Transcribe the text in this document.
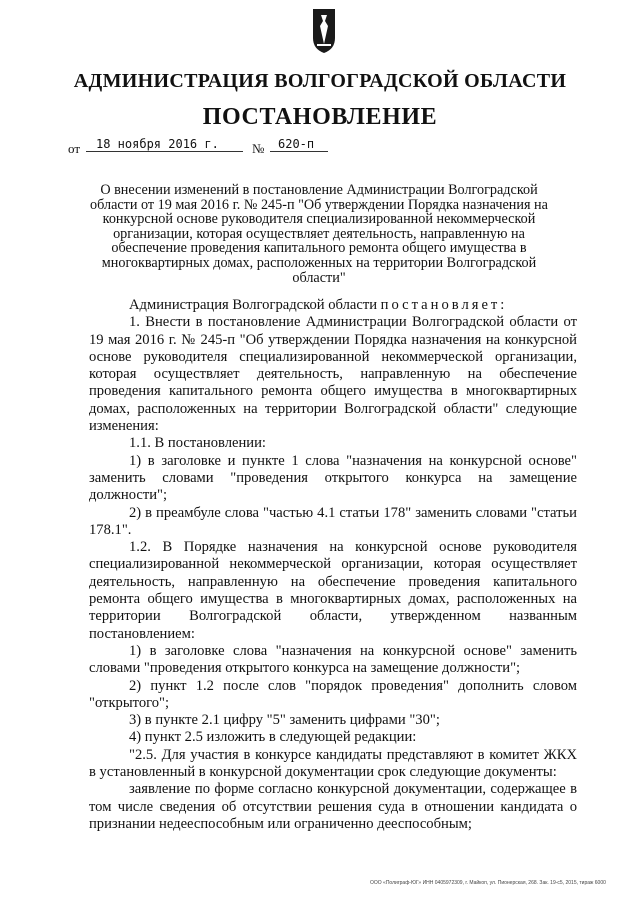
АДМИНИСТРАЦИЯ ВОЛГОГРАДСКОЙ ОБЛАСТИ
ПОСТАНОВЛЕНИЕ
от 18 ноября 2016 г.	№ 620-п
О внесении изменений в постановление Администрации Волгоградской области от 19 мая 2016 г. № 245-п "Об утверждении Порядка назначения на конкурсной основе руководителя специализированной некоммерческой организации, которая осуществляет деятельность, направленную на обеспечение проведения капитального ремонта общего имущества в многоквартирных домах, расположенных на территории Волгоградской области"

Администрация Волгоградской области постановляет:

1. Внести в постановление Администрации Волгоградской области от 19 мая 2016 г. № 245-п "Об утверждении Порядка назначения на конкурсной основе руководителя специализированной некоммерческой организации, которая осуществляет деятельность, направленную на обеспечение проведения капитального ремонта общего имущества в многоквартирных домах, расположенных на территории Волгоградской области" следующие изменения:

1.1. В постановлении:

1) в заголовке и пункте 1 слова "назначения на конкурсной основе" заменить словами "проведения открытого конкурса на замещение должности";

2) в преамбуле слова "частью 4.1 статьи 178" заменить словами "статьи 178.1".

1.2. В Порядке назначения на конкурсной основе руководителя специализированной некоммерческой организации, которая осуществляет деятельность, направленную на обеспечение проведения капитального ремонта общего имущества в многоквартирных домах, расположенных на территории Волгоградской области, утвержденном названным постановлением:

1) в заголовке слова "назначения на конкурсной основе" заменить словами "проведения открытого конкурса на замещение должности";

2) пункт 1.2 после слов "порядок проведения" дополнить словом "открытого";

3) в пункте 2.1 цифру "5" заменить цифрами "30";

4) пункт 2.5 изложить в следующей редакции:

"2.5. Для участия в конкурсе кандидаты представляют в комитет ЖКХ в установленный в конкурсной документации срок следующие документы:

заявление по форме согласно конкурсной документации, содержащее в том числе сведения об отсутствии решения суда в отношении кандидата о признании недееспособным или ограниченно дееспособным;

ООО «Полиграф-ЮГ» ИНН 0405972309, г. Майкоп, ул. Пионерская, 268. Зак. 19-с5, 2015, тираж 6000
